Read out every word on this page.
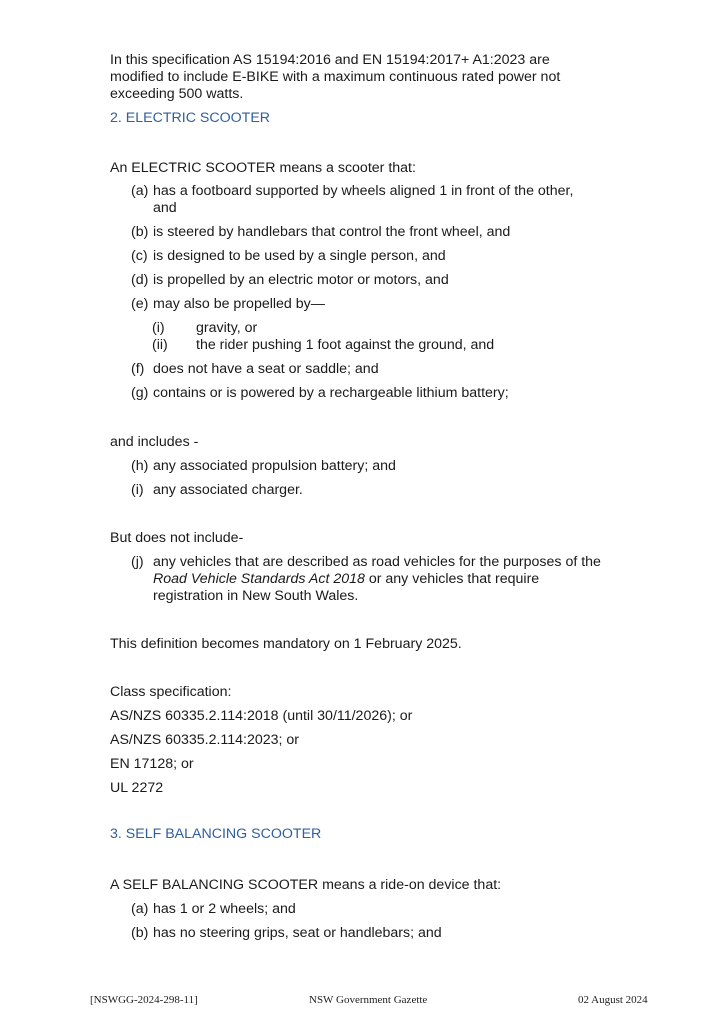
In this specification AS 15194:2016 and EN 15194:2017+ A1:2023 are
modified to include E-BIKE with a maximum continuous rated power not
exceeding 500 watts.
2. ELECTRIC SCOOTER
An ELECTRIC SCOOTER means a scooter that:
(a) has a footboard supported by wheels aligned 1 in front of the other,
and
(b) is steered by handlebars that control the front wheel, and
(c) is designed to be used by a single person, and
(d) is propelled by an electric motor or motors, and
(e) may also be propelled by—
(i) gravity, or
(ii) the rider pushing 1 foot against the ground, and
(f) does not have a seat or saddle; and
(g) contains or is powered by a rechargeable lithium battery;
and includes -
(h) any associated propulsion battery; and
(i) any associated charger.
But does not include-
(j) any vehicles that are described as road vehicles for the purposes of the
Road Vehicle Standards Act 2018 or any vehicles that require
registration in New South Wales.
This definition becomes mandatory on 1 February 2025.
Class specification:
AS/NZS 60335.2.114:2018 (until 30/11/2026); or
AS/NZS 60335.2.114:2023; or
EN 17128; or
UL 2272
3. SELF BALANCING SCOOTER
A SELF BALANCING SCOOTER means a ride-on device that:
(a) has 1 or 2 wheels; and
(b) has no steering grips, seat or handlebars; and
[NSWGG-2024-298-11]	NSW Government Gazette	02 August 2024
